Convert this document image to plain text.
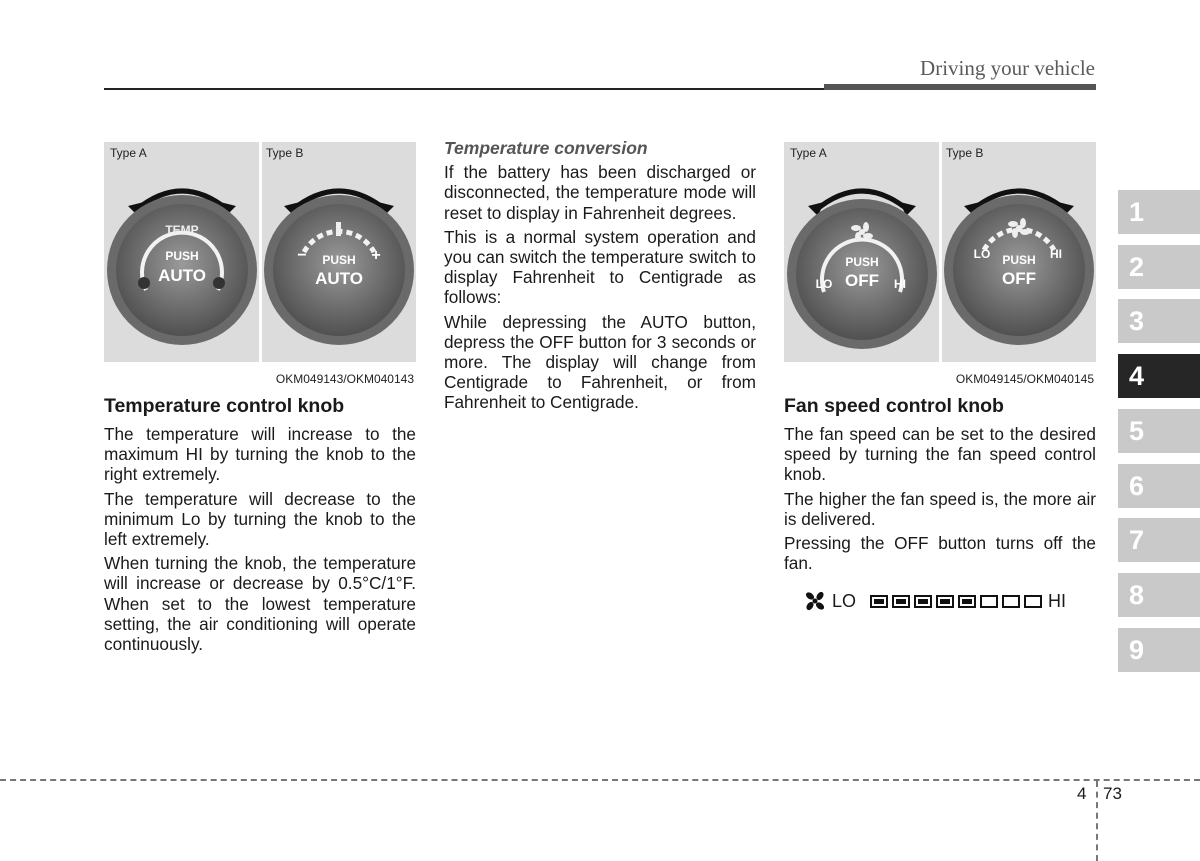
Driving your vehicle
Type A
TEMP
PUSH
AUTO
Type B
−	+
PUSH
AUTO
OKM049143/OKM040143
Temperature control knob

The temperature will increase to the maximum HI by turning the knob to the right extremely.

The temperature will decrease to the minimum Lo by turning the knob to the left extremely.

When turning the knob, the temperature will increase or decrease by 0.5°C/1°F. When set to the lowest temperature setting, the air conditioning will operate continuously.

Temperature conversion

If the battery has been discharged or disconnected, the temperature mode will reset to display in Fahrenheit degrees.

This is a normal system operation and you can switch the temperature switch to display Fahrenheit to Centigrade as follows:

While depressing the AUTO button, depress the OFF button for 3 seconds or more. The display will change from Centigrade to Fahrenheit, or from Fahrenheit to Centigrade.

Type A
PUSH
OFF
LO	HI
Type B
LO	HI
PUSH
OFF
OKM049145/OKM040145
Fan speed control knob

The fan speed can be set to the desired speed by turning the fan speed control knob.

The higher the fan speed is, the more air is delivered.

Pressing the OFF button turns off the fan.

LO	HI
1
2
3
4
5
6
7
8
9
4 73
